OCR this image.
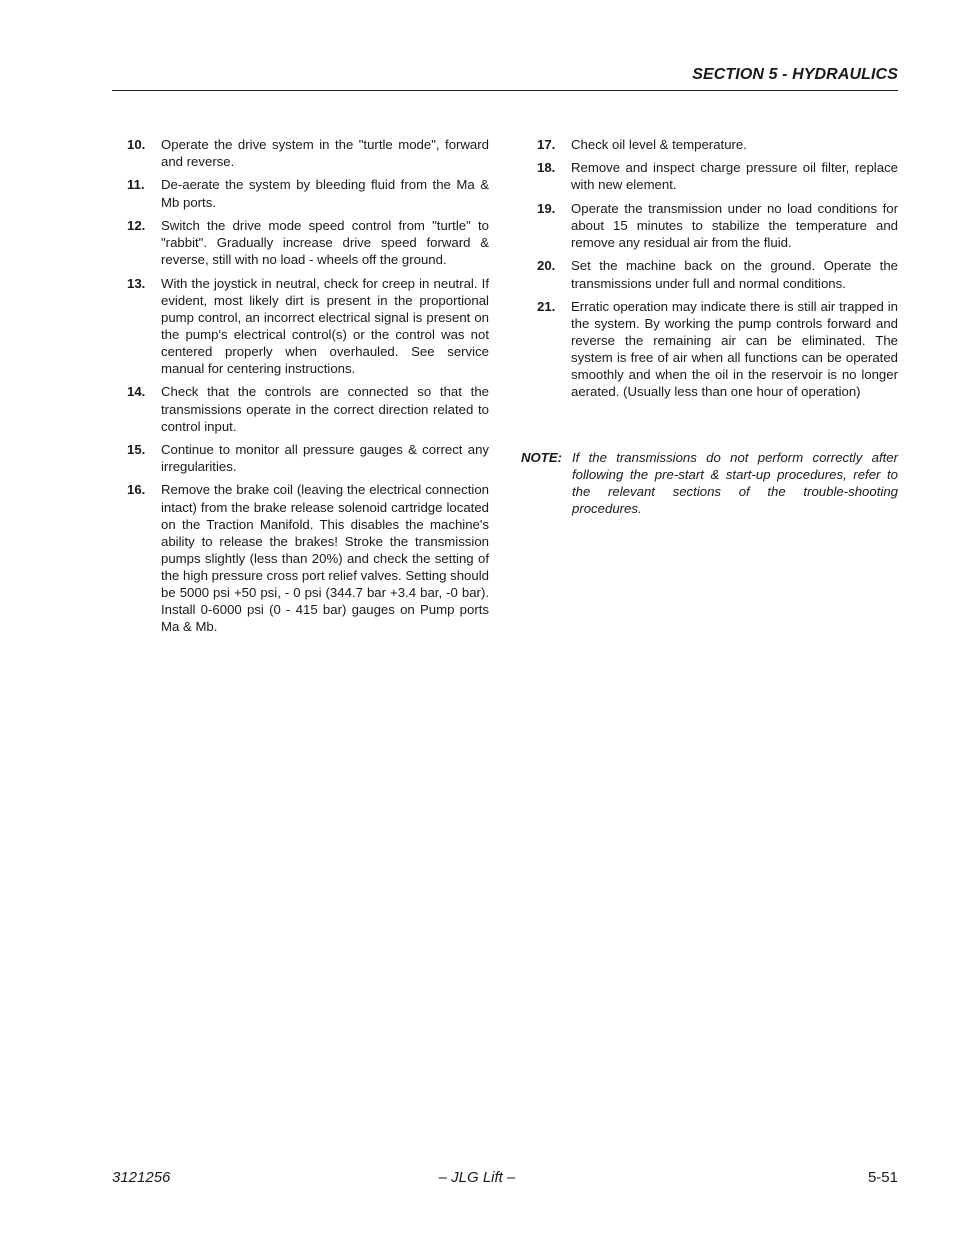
SECTION 5 - HYDRAULICS
10.	Operate the drive system in the "turtle mode", forward and reverse.
11.	De-aerate the system by bleeding fluid from the Ma & Mb ports.
12.	Switch the drive mode speed control from "turtle" to "rabbit". Gradually increase drive speed forward & reverse, still with no load - wheels off the ground.
13.	With the joystick in neutral, check for creep in neutral. If evident, most likely dirt is present in the proportional pump control, an incorrect electrical signal is present on the pump's electrical control(s) or the control was not centered properly when overhauled. See service manual for centering instructions.
14.	Check that the controls are connected so that the transmissions operate in the correct direction related to control input.
15.	Continue to monitor all pressure gauges & correct any irregularities.
16.	Remove the brake coil (leaving the electrical connection intact) from the brake release solenoid cartridge located on the Traction Manifold. This disables the machine's ability to release the brakes! Stroke the transmission pumps slightly (less than 20%) and check the setting of the high pressure cross port relief valves. Setting should be 5000 psi +50 psi, - 0 psi (344.7 bar +3.4 bar, -0 bar). Install 0-6000 psi (0 - 415 bar) gauges on Pump ports Ma & Mb.
17.	Check oil level & temperature.
18.	Remove and inspect charge pressure oil filter, replace with new element.
19.	Operate the transmission under no load conditions for about 15 minutes to stabilize the temperature and remove any residual air from the fluid.
20.	Set the machine back on the ground. Operate the transmissions under full and normal conditions.
21.	Erratic operation may indicate there is still air trapped in the system. By working the pump controls forward and reverse the remaining air can be eliminated. The system is free of air when all functions can be operated smoothly and when the oil in the reservoir is no longer aerated. (Usually less than one hour of operation)
NOTE: If the transmissions do not perform correctly after following the pre-start & start-up procedures, refer to the relevant sections of the trouble-shooting procedures.
3121256	– JLG Lift –	5-51
